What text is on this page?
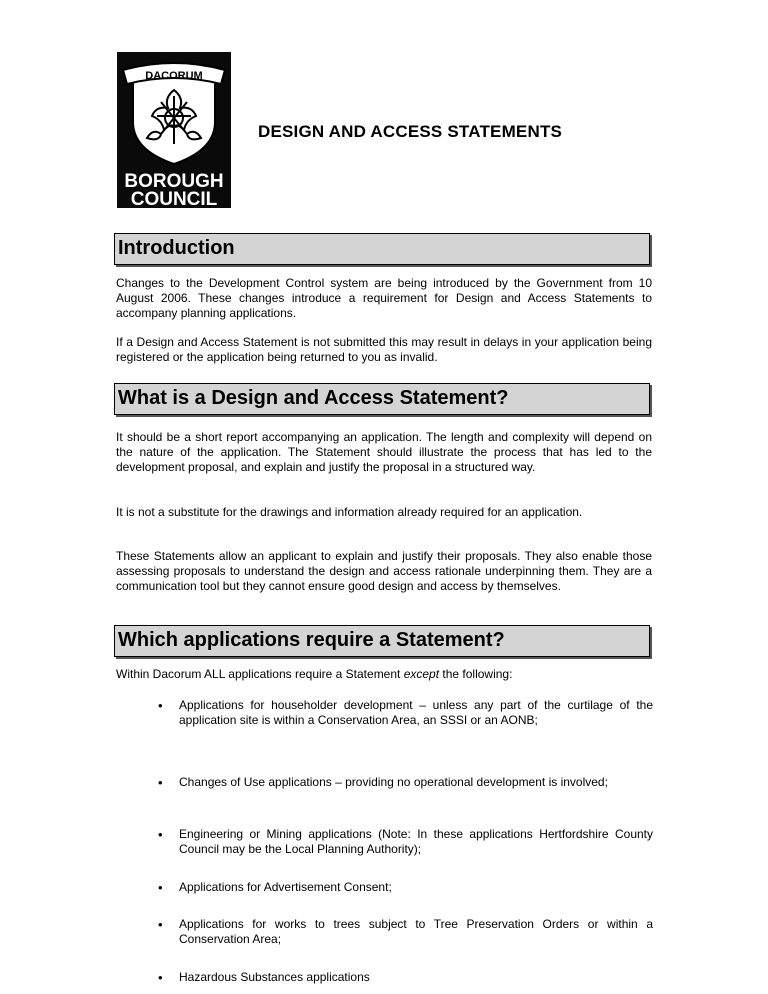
DACORUM
BOROUGH
COUNCIL
DESIGN AND ACCESS STATEMENTS
Introduction
Changes to the Development Control system are being introduced by the Government from 10 August 2006. These changes introduce a requirement for Design and Access Statements to accompany planning applications.
If a Design and Access Statement is not submitted this may result in delays in your application being registered or the application being returned to you as invalid.
What is a Design and Access Statement?
It should be a short report accompanying an application. The length and complexity will depend on the nature of the application. The Statement should illustrate the process that has led to the development proposal, and explain and justify the proposal in a structured way.
It is not a substitute for the drawings and information already required for an application.
These Statements allow an applicant to explain and justify their proposals. They also enable those assessing proposals to understand the design and access rationale underpinning them. They are a communication tool but they cannot ensure good design and access by themselves.
Which applications require a Statement?
Within Dacorum ALL applications require a Statement except the following:
• Applications for householder development – unless any part of the curtilage of the application site is within a Conservation Area, an SSSI or an AONB;
• Changes of Use applications – providing no operational development is involved;
• Engineering or Mining applications (Note: In these applications Hertfordshire County Council may be the Local Planning Authority);
• Applications for Advertisement Consent;
• Applications for works to trees subject to Tree Preservation Orders or within a Conservation Area;
• Hazardous Substances applications
